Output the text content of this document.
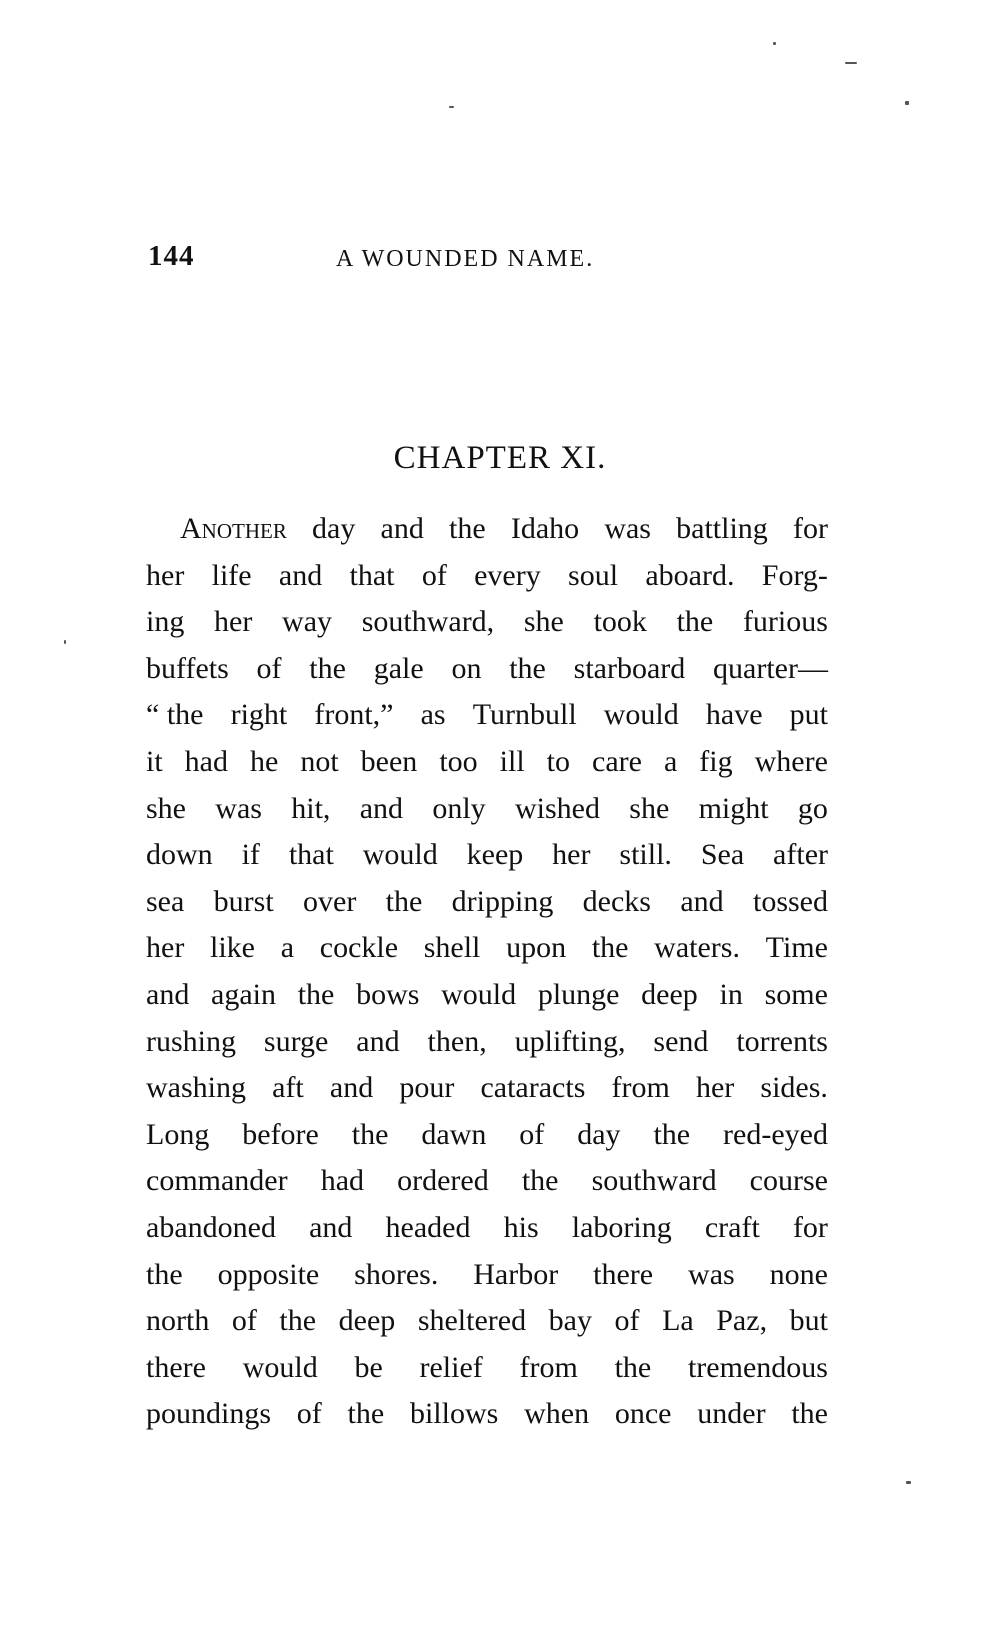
144	A WOUNDED NAME.
CHAPTER XI.
Another day and the Idaho was battling for
her life and that of every soul aboard. Forg-
ing her way southward, she took the furious
buffets of the gale on the starboard quarter—
“ the right front,” as Turnbull would have put
it had he not been too ill to care a fig where
she was hit, and only wished she might go
down if that would keep her still. Sea after
sea burst over the dripping decks and tossed
her like a cockle shell upon the waters. Time
and again the bows would plunge deep in some
rushing surge and then, uplifting, send torrents
washing aft and pour cataracts from her sides.
Long before the dawn of day the red-eyed
commander had ordered the southward course
abandoned and headed his laboring craft for
the opposite shores. Harbor there was none
north of the deep sheltered bay of La Paz, but
there would be relief from the tremendous
poundings of the billows when once under the
